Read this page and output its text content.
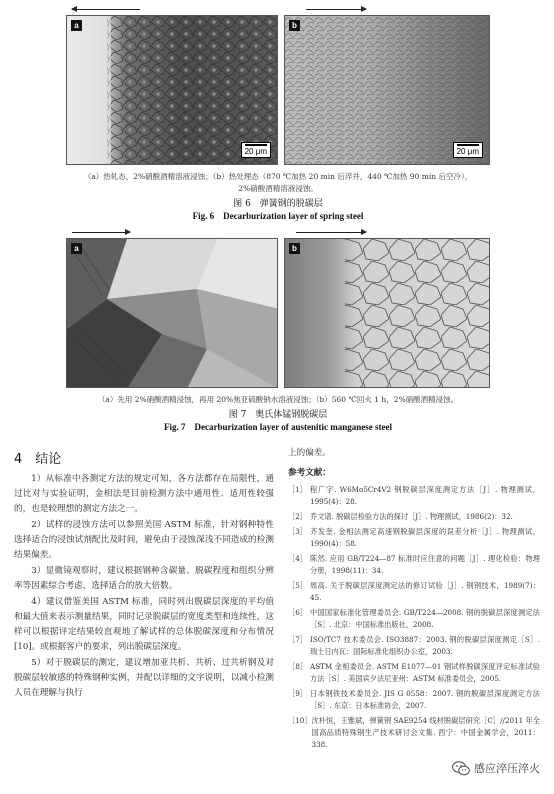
a
20 μm
b
20 μm
（a）热轧态，2%硝酸酒精溶液浸蚀；（b）热处理态（870 ℃加热 20 min 后淬并，440 ℃加热 90 min 后空冷），
2%硝酸酒精溶液浸蚀。
图 6　弹簧钢的脱碳层
Fig. 6　Decarburization layer of spring steel
a	b
（a）先用 2%硝酸酒精浸蚀，再用 20%焦亚硫酸钠水溶液浸蚀；（b）560 ℃回火 1 h，2%硝酸酒精浸蚀。
图 7　奥氏体锰钢脱碳层
Fig. 7　Decarburization layer of austenitic manganese steel
4　结论

1）从标准中各测定方法的规定可知，各方法都存在局限性，通过比对与实验证明，金相法是目前检测方法中通用性、适用性较强的，也是较理想的测定方法之一。

2）试样的浸蚀方法可以参照美国 ASTM 标准，针对钢种特性选择适合的浸蚀试剂配比及时间，避免由于浸蚀深浅不同造成的检测结果偏差。

3）显微镜观察时，建议根据钢种含碳量、脱碳程度和组织分辨率等因素综合考虑，选择适合的放大倍数。

4）建议借鉴美国 ASTM 标准，同时列出脱碳层深度的平均值和最大值来表示测量结果，同时记录脱碳层的宽度类型和连续性，这样可以根据评定结果较直观地了解试样的总体脱碳深度和分布情况[10]。或根据客户的要求，列出脱碳层深度。

5）对于脱碳层的测定，建议增加亚共析、共析、过共析钢及对脱碳层较敏感的特殊钢种实例，并配以详细的文字说明，以减小检测人员在理解与执行

上的偏差。
参考文献：
［1］ 程广字. W6Mo5Cr4V2 钢脱碳层深度测定方法［J］. 物理测试，1995(4)：28.
［2］ 乔文谱. 脱碳层检验方法的探讨［J］. 物理测试，1986(2)：32.
［3］ 齐发奎. 金相法测定高速钢脱碳层深度的误差分析［J］. 物理测试，1990(4)：58.
［4］ 陈然. 应用 GB/T224—87 标准时应注意的问题［J］. 理化检验：物理分册，1998(11)：34.
［5］ 周高. 关于脱碳层深度测定法的修订试验［J］. 钢钢技术，1989(7)：45.
［6］ 中国国家标准化管理委员会. GB/T224—2008. 钢的脱碳层深度测定法［S］. 北京：中国标准出版社，2008.
［7］ ISO/TC7 技术委员会. ISO3887：2003. 钢的脱碳层深度测定［S］. 瑞士日内瓦：国际标准化组织办公室，2003.
［8］ ASTM 金相委员会. ASTM E1077—01 钢试样脱碳深度评定标准试验方法［S］. 美国宾夕法尼亚州：ASTM 标准委员会，2005.
［9］ 日本钢铁技术委员会. JIS G 0558：2007. 钢的脱碳层深度测定方法［S］. 东京：日本标准协会，2007.
［10］ 沈朴恒，王雅斌，弹簧钢 SAE9254 线材脱碳层研究［C］//2011 年全国高品质特殊钢生产技术研讨会文集. 西宁：中国金属学会，2011：338.
感应淬压淬火
